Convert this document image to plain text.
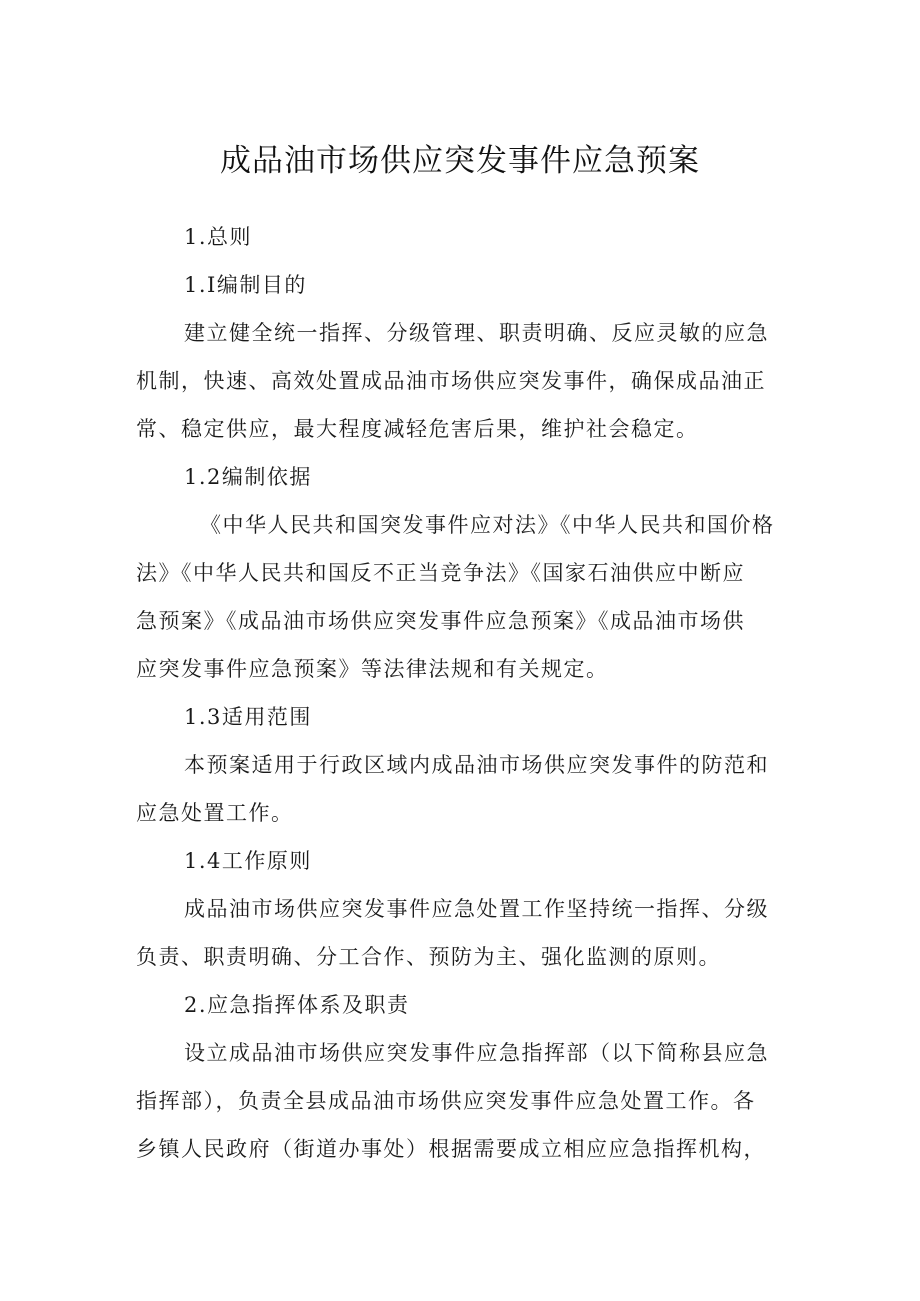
成品油市场供应突发事件应急预案

1.总则

1.I编制目的

建立健全统一指挥、分级管理、职责明确、反应灵敏的应急

机制，快速、高效处置成品油市场供应突发事件，确保成品油正

常、稳定供应，最大程度减轻危害后果，维护社会稳定。

1.2编制依据

《中华人民共和国突发事件应对法》《中华人民共和国价格

法》《中华人民共和国反不正当竞争法》《国家石油供应中断应

急预案》《成品油市场供应突发事件应急预案》《成品油市场供

应突发事件应急预案》等法律法规和有关规定。

1.3适用范围

本预案适用于行政区域内成品油市场供应突发事件的防范和

应急处置工作。

1.4工作原则

成品油市场供应突发事件应急处置工作坚持统一指挥、分级

负责、职责明确、分工合作、预防为主、强化监测的原则。

2.应急指挥体系及职责

设立成品油市场供应突发事件应急指挥部（以下简称县应急

指挥部），负责全县成品油市场供应突发事件应急处置工作。各

乡镇人民政府（街道办事处）根据需要成立相应应急指挥机构，
